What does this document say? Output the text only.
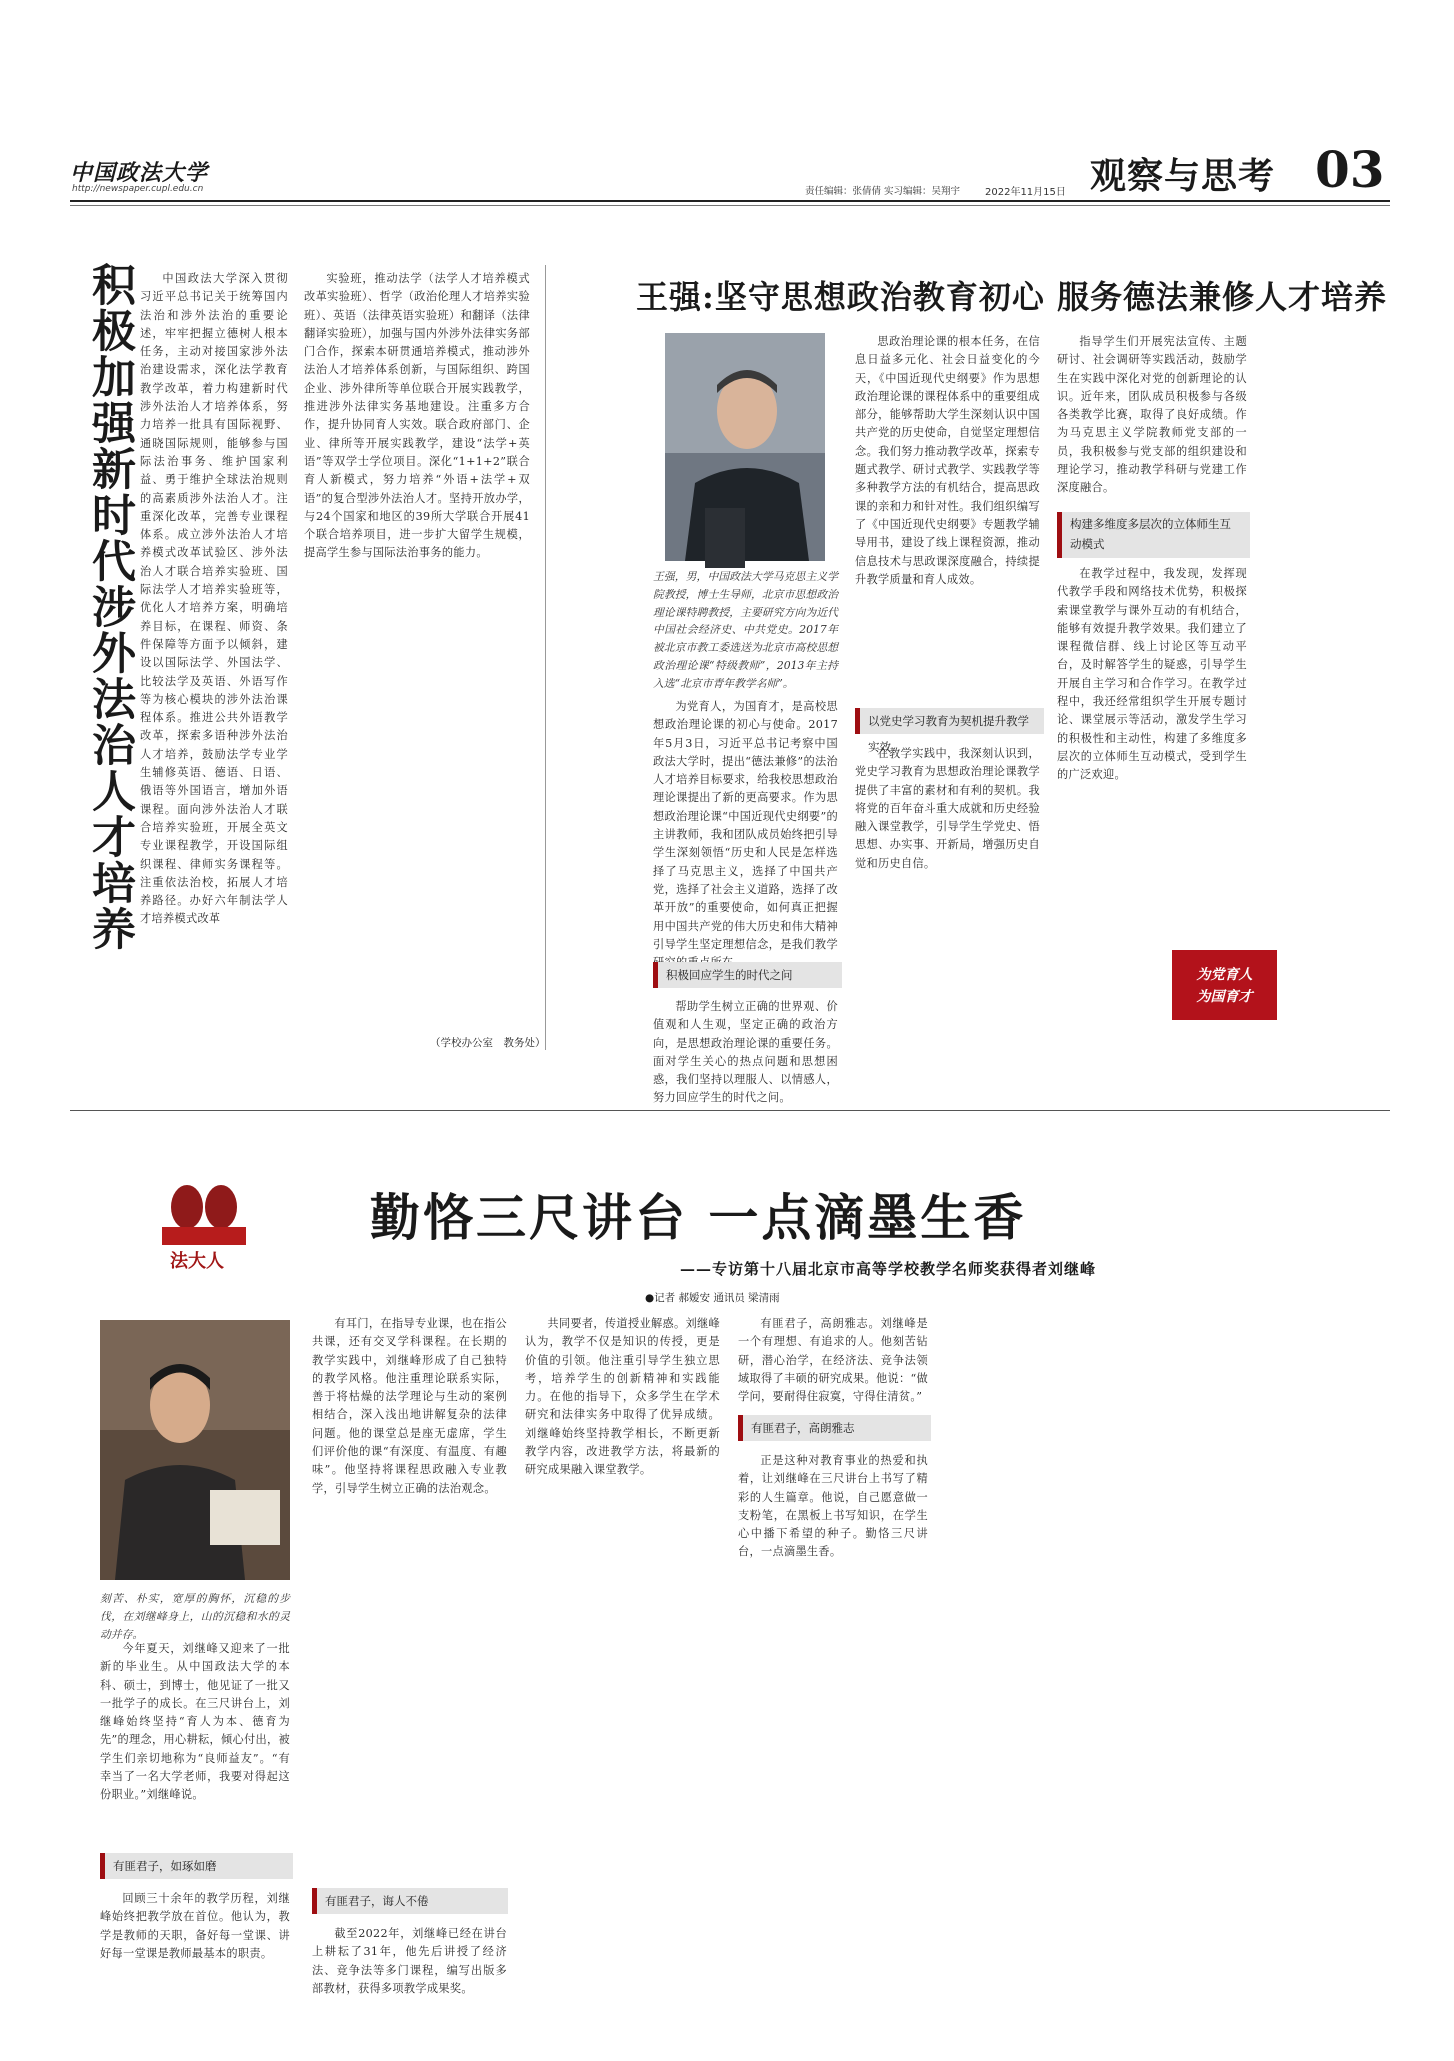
中国政法大学
http://newspaper.cupl.edu.cn	责任编辑：张倩倩 实习编辑：吴翔宇 2022年11月15日 观察与思考 03
积极加强新时代涉外法治人才培养	中国政法大学深入贯彻习近平总书记关于统筹国内法治和涉外法治的重要论述，牢牢把握立德树人根本任务，主动对接国家涉外法治建设需求，深化法学教育教学改革，着力构建新时代涉外法治人才培养体系，努力培养一批具有国际视野、通晓国际规则，能够参与国际法治事务、维护国家利益、勇于维护全球法治规则的高素质涉外法治人才。注重深化改革，完善专业课程体系。成立涉外法治人才培养模式改革试验区、涉外法治人才联合培养实验班、国际法学人才培养实验班等，优化人才培养方案，明确培养目标，在课程、师资、条件保障等方面予以倾斜，建设以国际法学、外国法学、比较法学及英语、外语写作等为核心模块的涉外法治课程体系。推进公共外语教学改革，探索多语种涉外法治人才培养，鼓励法学专业学生辅修英语、德语、日语、俄语等外国语言，增加外语课程。面向涉外法治人才联合培养实验班，开展全英文专业课程教学，开设国际组织课程、律师实务课程等。注重依法治校，拓展人才培养路径。办好六年制法学人才培养模式改革

实验班，推动法学（法学人才培养模式改革实验班）、哲学（政治伦理人才培养实验班）、英语（法律英语实验班）和翻译（法律翻译实验班），加强与国内外涉外法律实务部门合作，探索本研贯通培养模式，推动涉外法治人才培养体系创新，与国际组织、跨国企业、涉外律所等单位联合开展实践教学，推进涉外法律实务基地建设。注重多方合作，提升协同育人实效。联合政府部门、企业、律所等开展实践教学，建设“法学+英语”等双学士学位项目。深化“1+1+2”联合育人新模式，努力培养“外语+法学+双语”的复合型涉外法治人才。坚持开放办学，与24个国家和地区的39所大学联合开展41个联合培养项目，进一步扩大留学生规模，提高学生参与国际法治事务的能力。

（学校办公室　教务处）
王强:坚守思想政治教育初心 服务德法兼修人才培养
王强，男，中国政法大学马克思主义学院教授，博士生导师，北京市思想政治理论课特聘教授，主要研究方向为近代中国社会经济史、中共党史。2017年被北京市教工委选送为北京市高校思想政治理论课“特级教师”，2013年主持入选“北京市青年教学名师”。

为党育人，为国育才，是高校思想政治理论课的初心与使命。2017年5月3日，习近平总书记考察中国政法大学时，提出“德法兼修”的法治人才培养目标要求，给我校思想政治理论课提出了新的更高要求。作为思想政治理论课“中国近现代史纲要”的主讲教师，我和团队成员始终把引导学生深刻领悟“历史和人民是怎样选择了马克思主义，选择了中国共产党，选择了社会主义道路，选择了改革开放”的重要使命，如何真正把握用中国共产党的伟大历史和伟大精神引导学生坚定理想信念，是我们教学

积极回应学生的时代之问

帮助学生树立正确的世界观、价值观和人生观，坚定正确的政治方向，是思想政治理论课的重要任务。面对学生关心的热点问题和思想困惑，我们坚持以理服人、以情感人，努力回应学生的时代之问。

思政治理论课的根本任务，在信息日益多元化、社会日益变化的今天，《中国近现代史纲要》作为思想政治理论课的课程体系中的重要组成部分，能够帮助大学生深刻认识中国共产党的历史使命，自觉坚定理想信念。我们努力推动教学改革，探索专题式教学、研讨式教学、实践教学等多种教学方法的有机结合，提高思政课的亲和力和针对性。我们组织编写了《中国近现代史纲要》专题教学辅导用书，建设了线上课程资源，推动信息技术与思政课深度融合，持续提升教学质量和育人成效。

以党史学习教育为契机提升教学实效

在教学实践中，我深刻认识到，党史学习教育为思想政治理论课教学提供了丰富的素材和有利的契机。我将党的百年奋斗重大成就和历史经验融入课堂教学，引导学生学党史、悟思想、办实事、开新局，增强历史自觉和历史自信。

指导学生们开展宪法宣传、主题研讨、社会调研等实践活动，鼓励学生在实践中深化对党的创新理论的认识。近年来，团队成员积极参与各级各类教学比赛，取得了良好成绩。作为马克思主义学院教师党支部的一员，我积极参与党支部的组织建设和理论学习，推动教学科研与党建工作深度融合。

构建多维度多层次的立体师生互动模式

在教学过程中，我发现，发挥现代教学手段和网络技术优势，积极探索课堂教学与课外互动的有机结合，能够有效提升教学效果。我们建立了课程微信群、线上讨论区等互动平台，及时解答学生的疑惑，引导学生开展自主学习和合作学习。在教学过程中，我还经常组织学生开展专题讨论、课堂展示等活动，激发学生学习的积极性和主动性，构建了多维度多层次的立体师生互动模式，受到学生的广泛欢迎。

为党育人
为国育才
法大人
勤恪三尺讲台 一点滴墨生香
——专访第十八届北京市高等学校教学名师奖获得者刘继峰
●记者 郝嫒安 通讯员 梁清雨
刻苦、朴实，宽厚的胸怀，沉稳的步伐，在刘继峰身上，山的沉稳和水的灵动并存。

今年夏天，刘继峰又迎来了一批新的毕业生。从中国政法大学的本科、硕士，到博士，他见证了一批又一批学子的成长。在三尺讲台上，刘继峰始终坚持“育人为本、德育为先”的理念，用心耕耘，倾心付出，被学生们亲切地称为“良师益友”。“有幸当了一名大学老师，我要对得起这份职业。”刘继峰说。

有匪君子，如琢如磨

回顾三十余年的教学历程，刘继峰始终把教学放在首位。他认为，教学是教师的天职，备好每一堂课、讲好每一堂课是教师最基本的职责。

有耳门，在指导专业课，也在指公共课，还有交叉学科课程。在长期的教学实践中，刘继峰形成了自己独特的教学风格。他注重理论联系实际，善于将枯燥的法学理论与生动的案例相结合，深入浅出地讲解复杂的法律问题。他的课堂总是座无虚席，学生们评价他的课“有深度、有温度、有趣味”。他坚持将课程思政融入专业教学，引导学生树立正确的法治观念。

有匪君子，诲人不倦

截至2022年，刘继峰已经在讲台上耕耘了31年，他先后讲授了经济法、竞争法等多门课程，编写出版多部教材，获得多项教学成果奖。

共同要者，传道授业解惑。刘继峰认为，教学不仅是知识的传授，更是价值的引领。他注重引导学生独立思考，培养学生的创新精神和实践能力。在他的指导下，众多学生在学术研究和法律实务中取得了优异成绩。刘继峰始终坚持教学相长，不断更新教学内容，改进教学方法，将最新的研究成果融入课堂教学。

有匪君子，高朗雅志。刘继峰是一个有理想、有追求的人。他刻苦钻研，潜心治学，在经济法、竞争法领域取得了丰硕的研究成果。他说：“做学问，要耐得住寂寞，守得住清贫。”

有匪君子，高朗雅志

正是这种对教育事业的热爱和执着，让刘继峰在三尺讲台上书写了精彩的人生篇章。他说，自己愿意做一支粉笔，在黑板上书写知识，在学生心中播下希望的种子。勤恪三尺讲台，一点滴墨生香。
